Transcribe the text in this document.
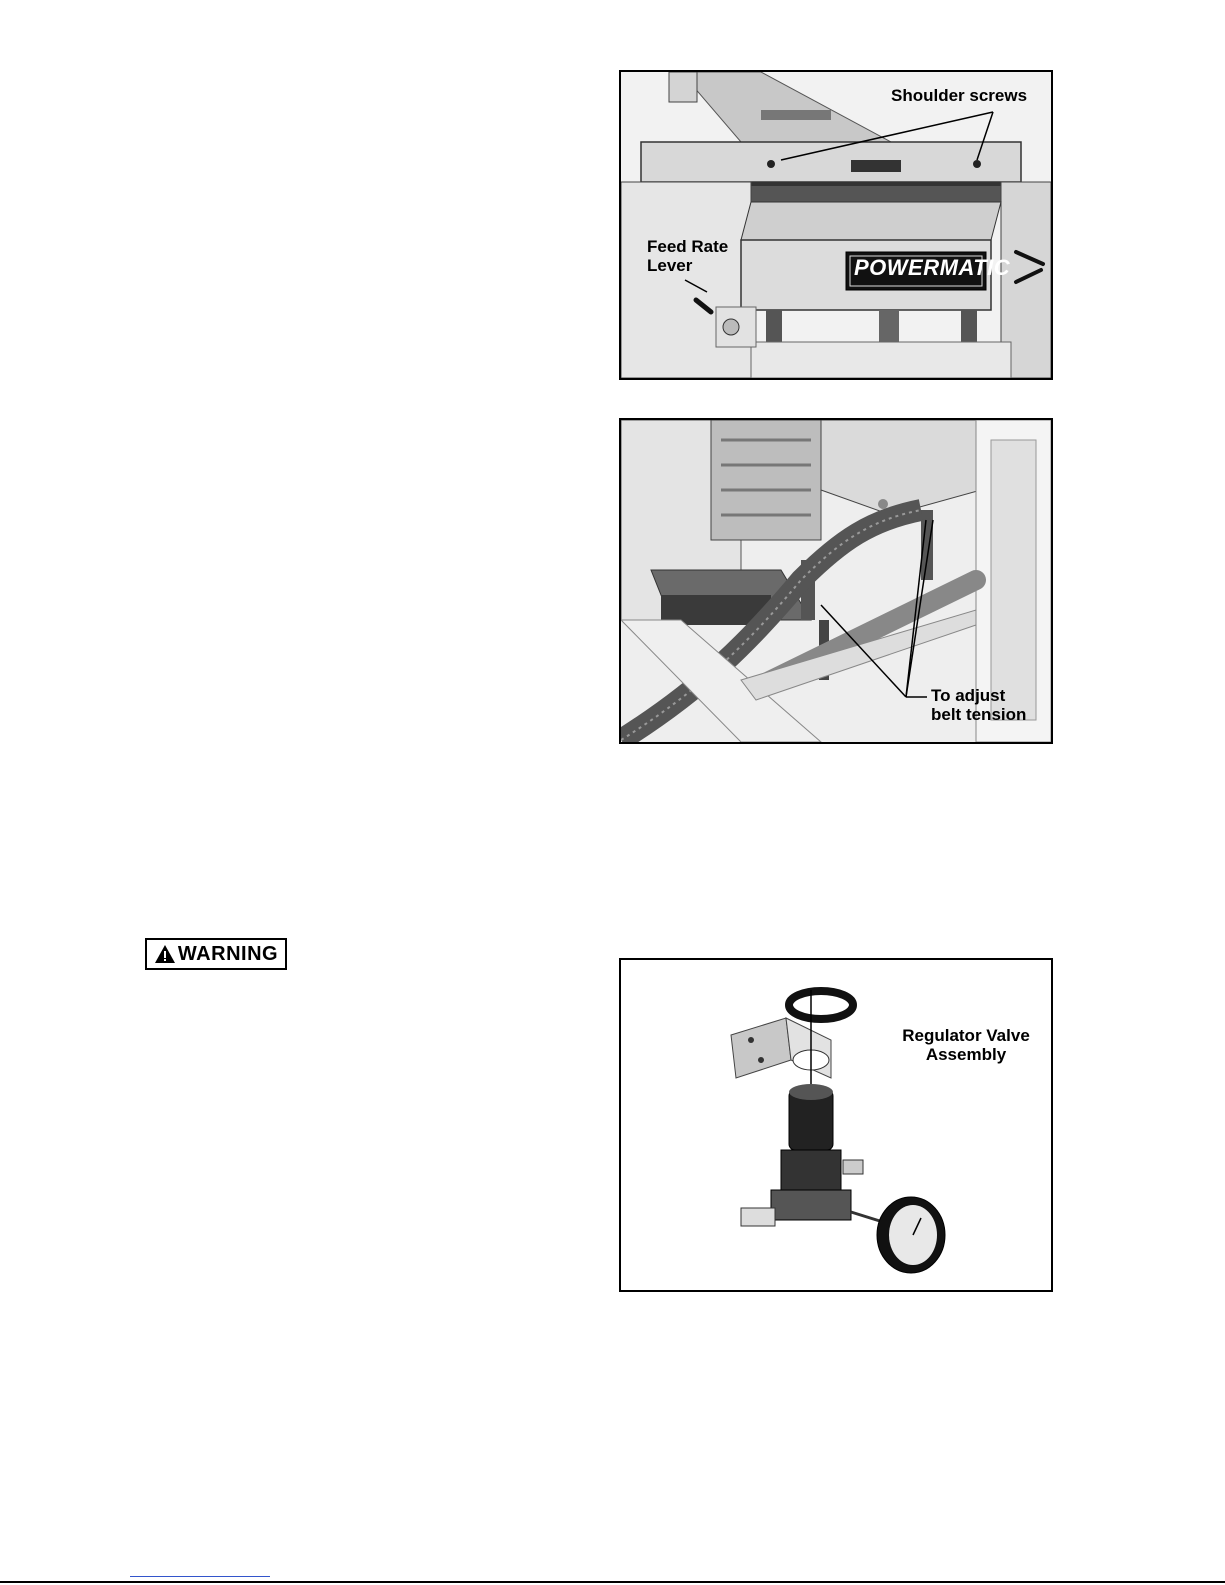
POWERMATIC
Shoulder screws
Feed Rate
Lever
To adjust
belt tension
WARNING
Regulator Valve
Assembly
